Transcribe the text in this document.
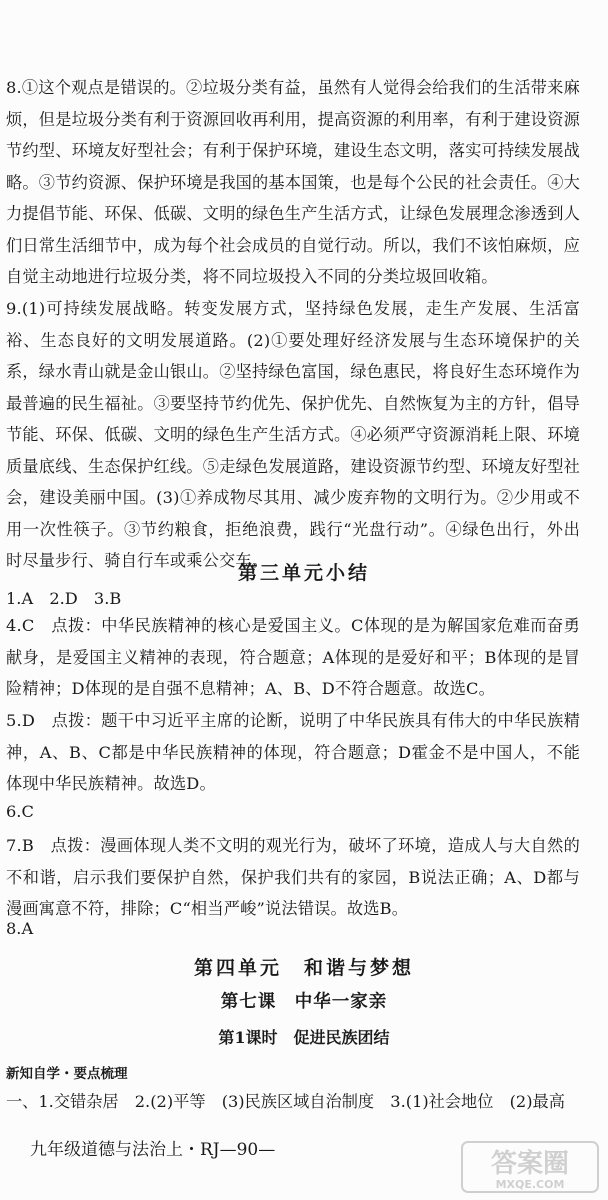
8.①这个观点是错误的。②垃圾分类有益，虽然有人觉得会给我们的生活带来麻烦，但是垃圾分类有利于资源回收再利用，提高资源的利用率，有利于建设资源节约型、环境友好型社会；有利于保护环境，建设生态文明，落实可持续发展战略。③节约资源、保护环境是我国的基本国策，也是每个公民的社会责任。④大力提倡节能、环保、低碳、文明的绿色生产生活方式，让绿色发展理念渗透到人们日常生活细节中，成为每个社会成员的自觉行动。所以，我们不该怕麻烦，应自觉主动地进行垃圾分类，将不同垃圾投入不同的分类垃圾回收箱。

9.(1)可持续发展战略。转变发展方式，坚持绿色发展，走生产发展、生活富裕、生态良好的文明发展道路。(2)①要处理好经济发展与生态环境保护的关系，绿水青山就是金山银山。②坚持绿色富国，绿色惠民，将良好生态环境作为最普遍的民生福祉。③要坚持节约优先、保护优先、自然恢复为主的方针，倡导节能、环保、低碳、文明的绿色生产生活方式。④必须严守资源消耗上限、环境质量底线、生态保护红线。⑤走绿色发展道路，建设资源节约型、环境友好型社会，建设美丽中国。(3)①养成物尽其用、减少废弃物的文明行为。②少用或不用一次性筷子。③节约粮食，拒绝浪费，践行“光盘行动”。④绿色出行，外出时尽量步行、骑自行车或乘公交车。

第三单元小结

1.A　2.D　3.B

4.C　点拨：中华民族精神的核心是爱国主义。C体现的是为解国家危难而奋勇献身，是爱国主义精神的表现，符合题意；A体现的是爱好和平；B体现的是冒险精神；D体现的是自强不息精神；A、B、D不符合题意。故选C。

5.D　点拨：题干中习近平主席的论断，说明了中华民族具有伟大的中华民族精神，A、B、C都是中华民族精神的体现，符合题意；D霍金不是中国人，不能体现中华民族精神。故选D。

6.C

7.B　点拨：漫画体现人类不文明的观光行为，破坏了环境，造成人与大自然的不和谐，启示我们要保护自然，保护我们共有的家园，B说法正确；A、D都与漫画寓意不符，排除；C“相当严峻”说法错误。故选B。

8.A

第四单元　和谐与梦想

第七课　中华一家亲

第1课时　促进民族团结

新知自学・要点梳理

一、1.交错杂居　2.(2)平等　(3)民族区域自治制度　3.(1)社会地位　(2)最高

九年级道德与法治上・RJ—90—	答案圈
MXQE.COM
